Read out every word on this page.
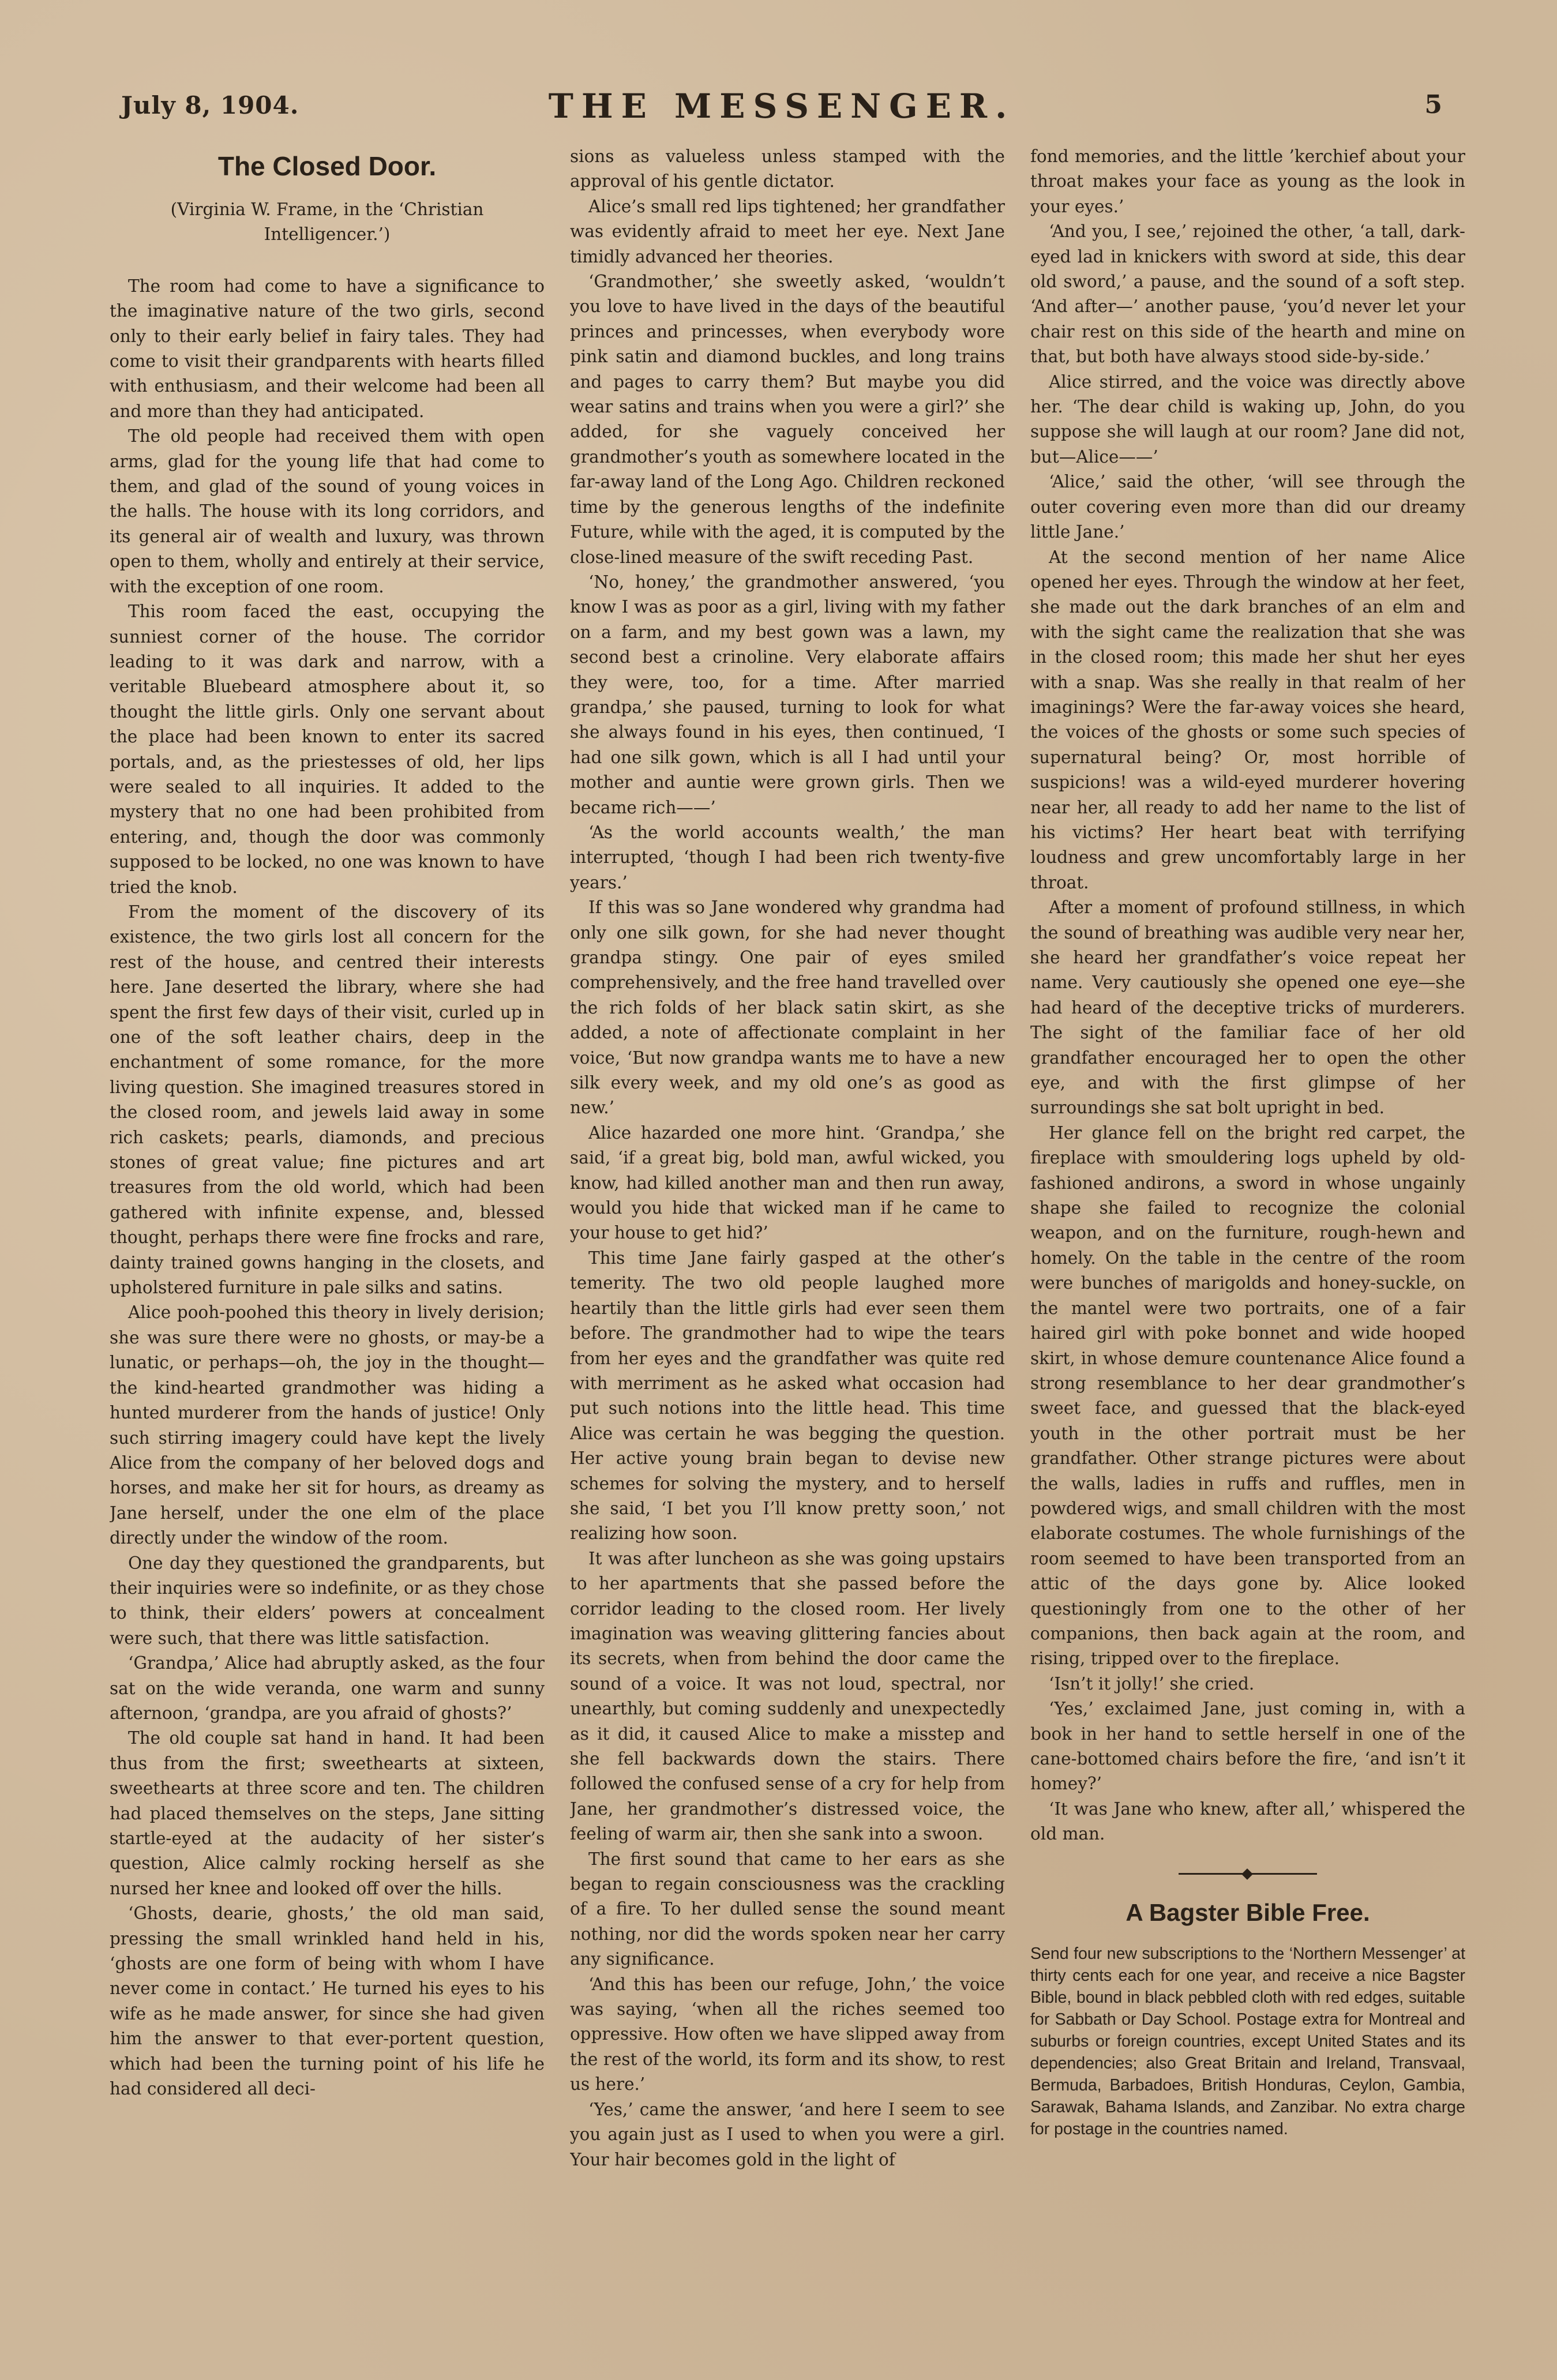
July 8, 1904.	THE MESSENGER.	5
The Closed Door.
(Virginia W. Frame, in the ‘Christian Intelligencer.’)

The room had come to have a significance to the imaginative nature of the two girls, second only to their early belief in fairy tales. They had come to visit their grandparents with hearts filled with enthusiasm, and their welcome had been all and more than they had anticipated.

The old people had received them with open arms, glad for the young life that had come to them, and glad of the sound of young voices in the halls. The house with its long corridors, and its general air of wealth and luxury, was thrown open to them, wholly and entirely at their service, with the exception of one room.

This room faced the east, occupying the sunniest corner of the house. The corridor leading to it was dark and narrow, with a veritable Bluebeard atmosphere about it, so thought the little girls. Only one servant about the place had been known to enter its sacred portals, and, as the priestesses of old, her lips were sealed to all inquiries. It added to the mystery that no one had been prohibited from entering, and, though the door was commonly supposed to be locked, no one was known to have tried the knob.

From the moment of the discovery of its existence, the two girls lost all concern for the rest of the house, and centred their interests here. Jane deserted the library, where she had spent the first few days of their visit, curled up in one of the soft leather chairs, deep in the enchantment of some romance, for the more living question. She imagined treasures stored in the closed room, and jewels laid away in some rich caskets; pearls, diamonds, and precious stones of great value; fine pictures and art treasures from the old world, which had been gathered with infinite expense, and, blessed thought, perhaps there were fine frocks and rare, dainty trained gowns hanging in the closets, and upholstered furniture in pale silks and satins.

Alice pooh-poohed this theory in lively derision; she was sure there were no ghosts, or may-be a lunatic, or perhaps—oh, the joy in the thought—the kind-hearted grandmother was hiding a hunted murderer from the hands of justice! Only such stirring imagery could have kept the lively Alice from the company of her beloved dogs and horses, and make her sit for hours, as dreamy as Jane herself, under the one elm of the place directly under the window of the room.

One day they questioned the grandparents, but their inquiries were so indefinite, or as they chose to think, their elders’ powers at concealment were such, that there was little satisfaction.

‘Grandpa,’ Alice had abruptly asked, as the four sat on the wide veranda, one warm and sunny afternoon, ‘grandpa, are you afraid of ghosts?’

The old couple sat hand in hand. It had been thus from the first; sweethearts at sixteen, sweethearts at three score and ten. The children had placed themselves on the steps, Jane sitting startle-eyed at the audacity of her sister’s question, Alice calmly rocking herself as she nursed her knee and looked off over the hills.

‘Ghosts, dearie, ghosts,’ the old man said, pressing the small wrinkled hand held in his, ‘ghosts are one form of being with whom I have never come in contact.’ He turned his eyes to his wife as he made answer, for since she had given him the answer to that ever-portent question, which had been the turning point of his life he had considered all deci-

sions as valueless unless stamped with the approval of his gentle dictator.

Alice’s small red lips tightened; her grandfather was evidently afraid to meet her eye. Next Jane timidly advanced her theories.

‘Grandmother,’ she sweetly asked, ‘wouldn’t you love to have lived in the days of the beautiful princes and princesses, when everybody wore pink satin and diamond buckles, and long trains and pages to carry them? But maybe you did wear satins and trains when you were a girl?’ she added, for she vaguely conceived her grandmother’s youth as somewhere located in the far-away land of the Long Ago. Children reckoned time by the generous lengths of the indefinite Future, while with the aged, it is computed by the close-lined measure of the swift receding Past.

‘No, honey,’ the grandmother answered, ‘you know I was as poor as a girl, living with my father on a farm, and my best gown was a lawn, my second best a crinoline. Very elaborate affairs they were, too, for a time. After married grandpa,’ she paused, turning to look for what she always found in his eyes, then continued, ‘I had one silk gown, which is all I had until your mother and auntie were grown girls. Then we became rich——’

‘As the world accounts wealth,’ the man interrupted, ‘though I had been rich twenty-five years.’

If this was so Jane wondered why grandma had only one silk gown, for she had never thought grandpa stingy. One pair of eyes smiled comprehensively, and the free hand travelled over the rich folds of her black satin skirt, as she added, a note of affectionate complaint in her voice, ‘But now grandpa wants me to have a new silk every week, and my old one’s as good as new.’

Alice hazarded one more hint. ‘Grandpa,’ she said, ‘if a great big, bold man, awful wicked, you know, had killed another man and then run away, would you hide that wicked man if he came to your house to get hid?’

This time Jane fairly gasped at the other’s temerity. The two old people laughed more heartily than the little girls had ever seen them before. The grandmother had to wipe the tears from her eyes and the grandfather was quite red with merriment as he asked what occasion had put such notions into the little head. This time Alice was certain he was begging the question. Her active young brain began to devise new schemes for solving the mystery, and to herself she said, ‘I bet you I’ll know pretty soon,’ not realizing how soon.

It was after luncheon as she was going upstairs to her apartments that she passed before the corridor leading to the closed room. Her lively imagination was weaving glittering fancies about its secrets, when from behind the door came the sound of a voice. It was not loud, spectral, nor unearthly, but coming suddenly and unexpectedly as it did, it caused Alice to make a misstep and she fell backwards down the stairs. There followed the confused sense of a cry for help from Jane, her grandmother’s distressed voice, the feeling of warm air, then she sank into a swoon.

The first sound that came to her ears as she began to regain consciousness was the crackling of a fire. To her dulled sense the sound meant nothing, nor did the words spoken near her carry any significance.

‘And this has been our refuge, John,’ the voice was saying, ‘when all the riches seemed too oppressive. How often we have slipped away from the rest of the world, its form and its show, to rest us here.’

‘Yes,’ came the answer, ‘and here I seem to see you again just as I used to when you were a girl. Your hair becomes gold in the light of

fond memories, and the little ’kerchief about your throat makes your face as young as the look in your eyes.’

‘And you, I see,’ rejoined the other, ‘a tall, dark-eyed lad in knickers with sword at side, this dear old sword,’ a pause, and the sound of a soft step. ‘And after—’ another pause, ‘you’d never let your chair rest on this side of the hearth and mine on that, but both have always stood side-by-side.’

Alice stirred, and the voice was directly above her. ‘The dear child is waking up, John, do you suppose she will laugh at our room? Jane did not, but—Alice——’

‘Alice,’ said the other, ‘will see through the outer covering even more than did our dreamy little Jane.’

At the second mention of her name Alice opened her eyes. Through the window at her feet, she made out the dark branches of an elm and with the sight came the realization that she was in the closed room; this made her shut her eyes with a snap. Was she really in that realm of her imaginings? Were the far-away voices she heard, the voices of the ghosts or some such species of supernatural being? Or, most horrible of suspicions! was a wild-eyed murderer hovering near her, all ready to add her name to the list of his victims? Her heart beat with terrifying loudness and grew uncomfortably large in her throat.

After a moment of profound stillness, in which the sound of breathing was audible very near her, she heard her grandfather’s voice repeat her name. Very cautiously she opened one eye—she had heard of the deceptive tricks of murderers. The sight of the familiar face of her old grandfather encouraged her to open the other eye, and with the first glimpse of her surroundings she sat bolt upright in bed.

Her glance fell on the bright red carpet, the fireplace with smouldering logs upheld by old-fashioned andirons, a sword in whose ungainly shape she failed to recognize the colonial weapon, and on the furniture, rough-hewn and homely. On the table in the centre of the room were bunches of marigolds and honey-suckle, on the mantel were two portraits, one of a fair haired girl with poke bonnet and wide hooped skirt, in whose demure countenance Alice found a strong resemblance to her dear grandmother’s sweet face, and guessed that the black-eyed youth in the other portrait must be her grandfather. Other strange pictures were about the walls, ladies in ruffs and ruffles, men in powdered wigs, and small children with the most elaborate costumes. The whole furnishings of the room seemed to have been transported from an attic of the days gone by. Alice looked questioningly from one to the other of her companions, then back again at the room, and rising, tripped over to the fireplace.

‘Isn’t it jolly!’ she cried.

‘Yes,’ exclaimed Jane, just coming in, with a book in her hand to settle herself in one of the cane-bottomed chairs before the fire, ‘and isn’t it homey?’

‘It was Jane who knew, after all,’ whispered the old man.

A Bagster Bible Free.

Send four new subscriptions to the ‘Northern Messenger’ at thirty cents each for one year, and receive a nice Bagster Bible, bound in black pebbled cloth with red edges, suitable for Sabbath or Day School. Postage extra for Montreal and suburbs or foreign countries, except United States and its dependencies; also Great Britain and Ireland, Transvaal, Bermuda, Barbadoes, British Honduras, Ceylon, Gambia, Sarawak, Bahama Islands, and Zanzibar. No extra charge for postage in the countries named.
